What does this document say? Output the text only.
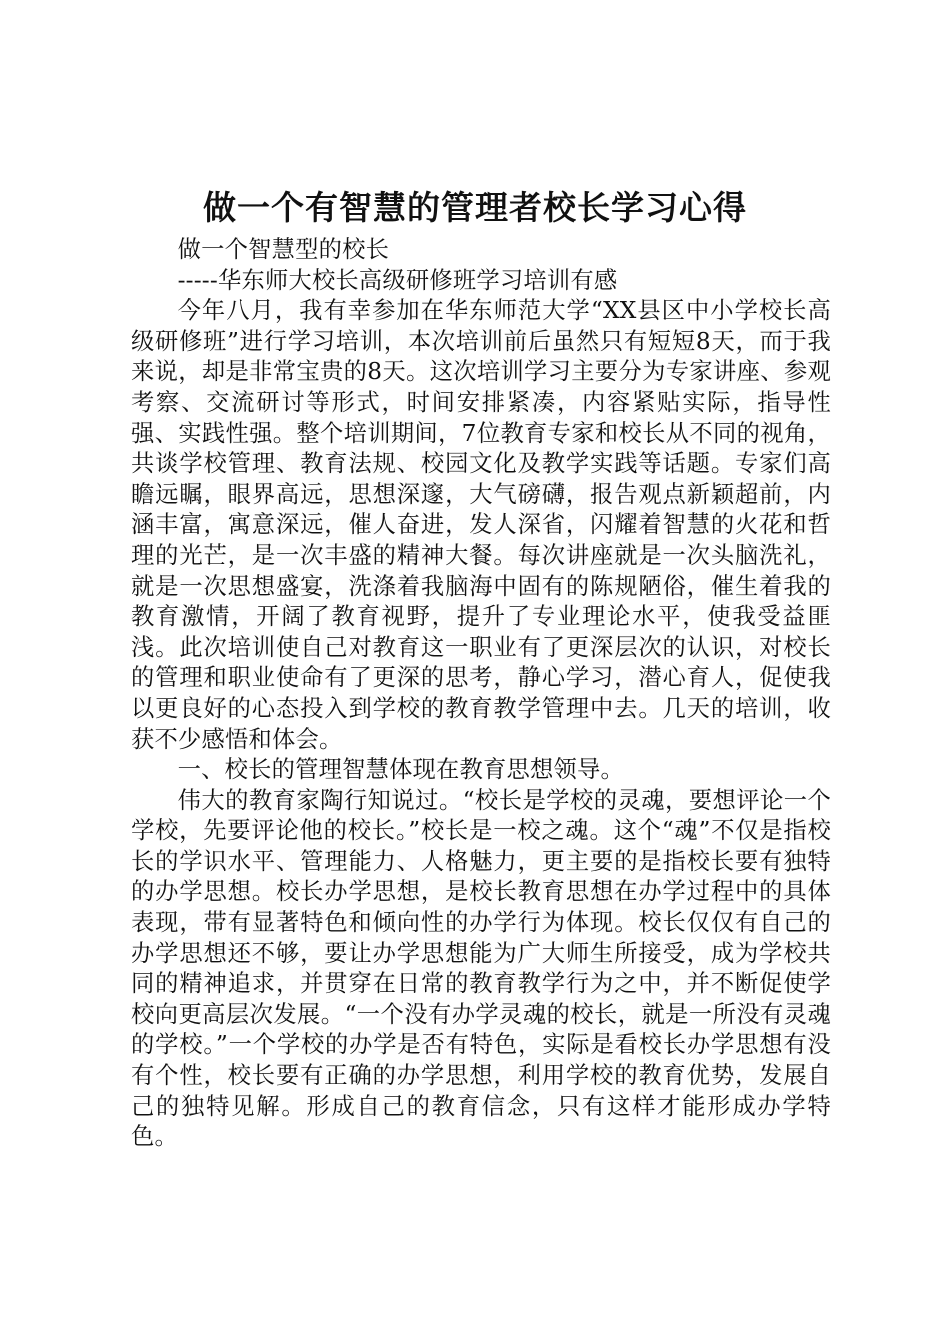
做一个有智慧的管理者校长学习心得

做一个智慧型的校长

-----华东师大校长高级研修班学习培训有感

今年八月，我有幸参加在华东师范大学“XX县区中小学校长高级研修班”进行学习培训，本次培训前后虽然只有短短8天，而于我来说，却是非常宝贵的8天。这次培训学习主要分为专家讲座、参观考察、交流研讨等形式，时间安排紧凑，内容紧贴实际，指导性强、实践性强。整个培训期间，7位教育专家和校长从不同的视角，共谈学校管理、教育法规、校园文化及教学实践等话题。专家们高瞻远瞩，眼界高远，思想深邃，大气磅礴，报告观点新颖超前，内涵丰富，寓意深远，催人奋进，发人深省，闪耀着智慧的火花和哲理的光芒，是一次丰盛的精神大餐。每次讲座就是一次头脑洗礼，就是一次思想盛宴，洗涤着我脑海中固有的陈规陋俗，催生着我的教育激情，开阔了教育视野，提升了专业理论水平，使我受益匪浅。此次培训使自己对教育这一职业有了更深层次的认识，对校长的管理和职业使命有了更深的思考，静心学习，潜心育人，促使我以更良好的心态投入到学校的教育教学管理中去。几天的培训，收获不少感悟和体会。

一、校长的管理智慧体现在教育思想领导。

伟大的教育家陶行知说过。“校长是学校的灵魂，要想评论一个学校，先要评论他的校长。”校长是一校之魂。这个“魂”不仅是指校长的学识水平、管理能力、人格魅力，更主要的是指校长要有独特的办学思想。校长办学思想，是校长教育思想在办学过程中的具体表现，带有显著特色和倾向性的办学行为体现。校长仅仅有自己的办学思想还不够，要让办学思想能为广大师生所接受，成为学校共同的精神追求，并贯穿在日常的教育教学行为之中，并不断促使学校向更高层次发展。“一个没有办学灵魂的校长，就是一所没有灵魂的学校。”一个学校的办学是否有特色，实际是看校长办学思想有没有个性，校长要有正确的办学思想，利用学校的教育优势，发展自己的独特见解。形成自己的教育信念，只有这样才能形成办学特色。
